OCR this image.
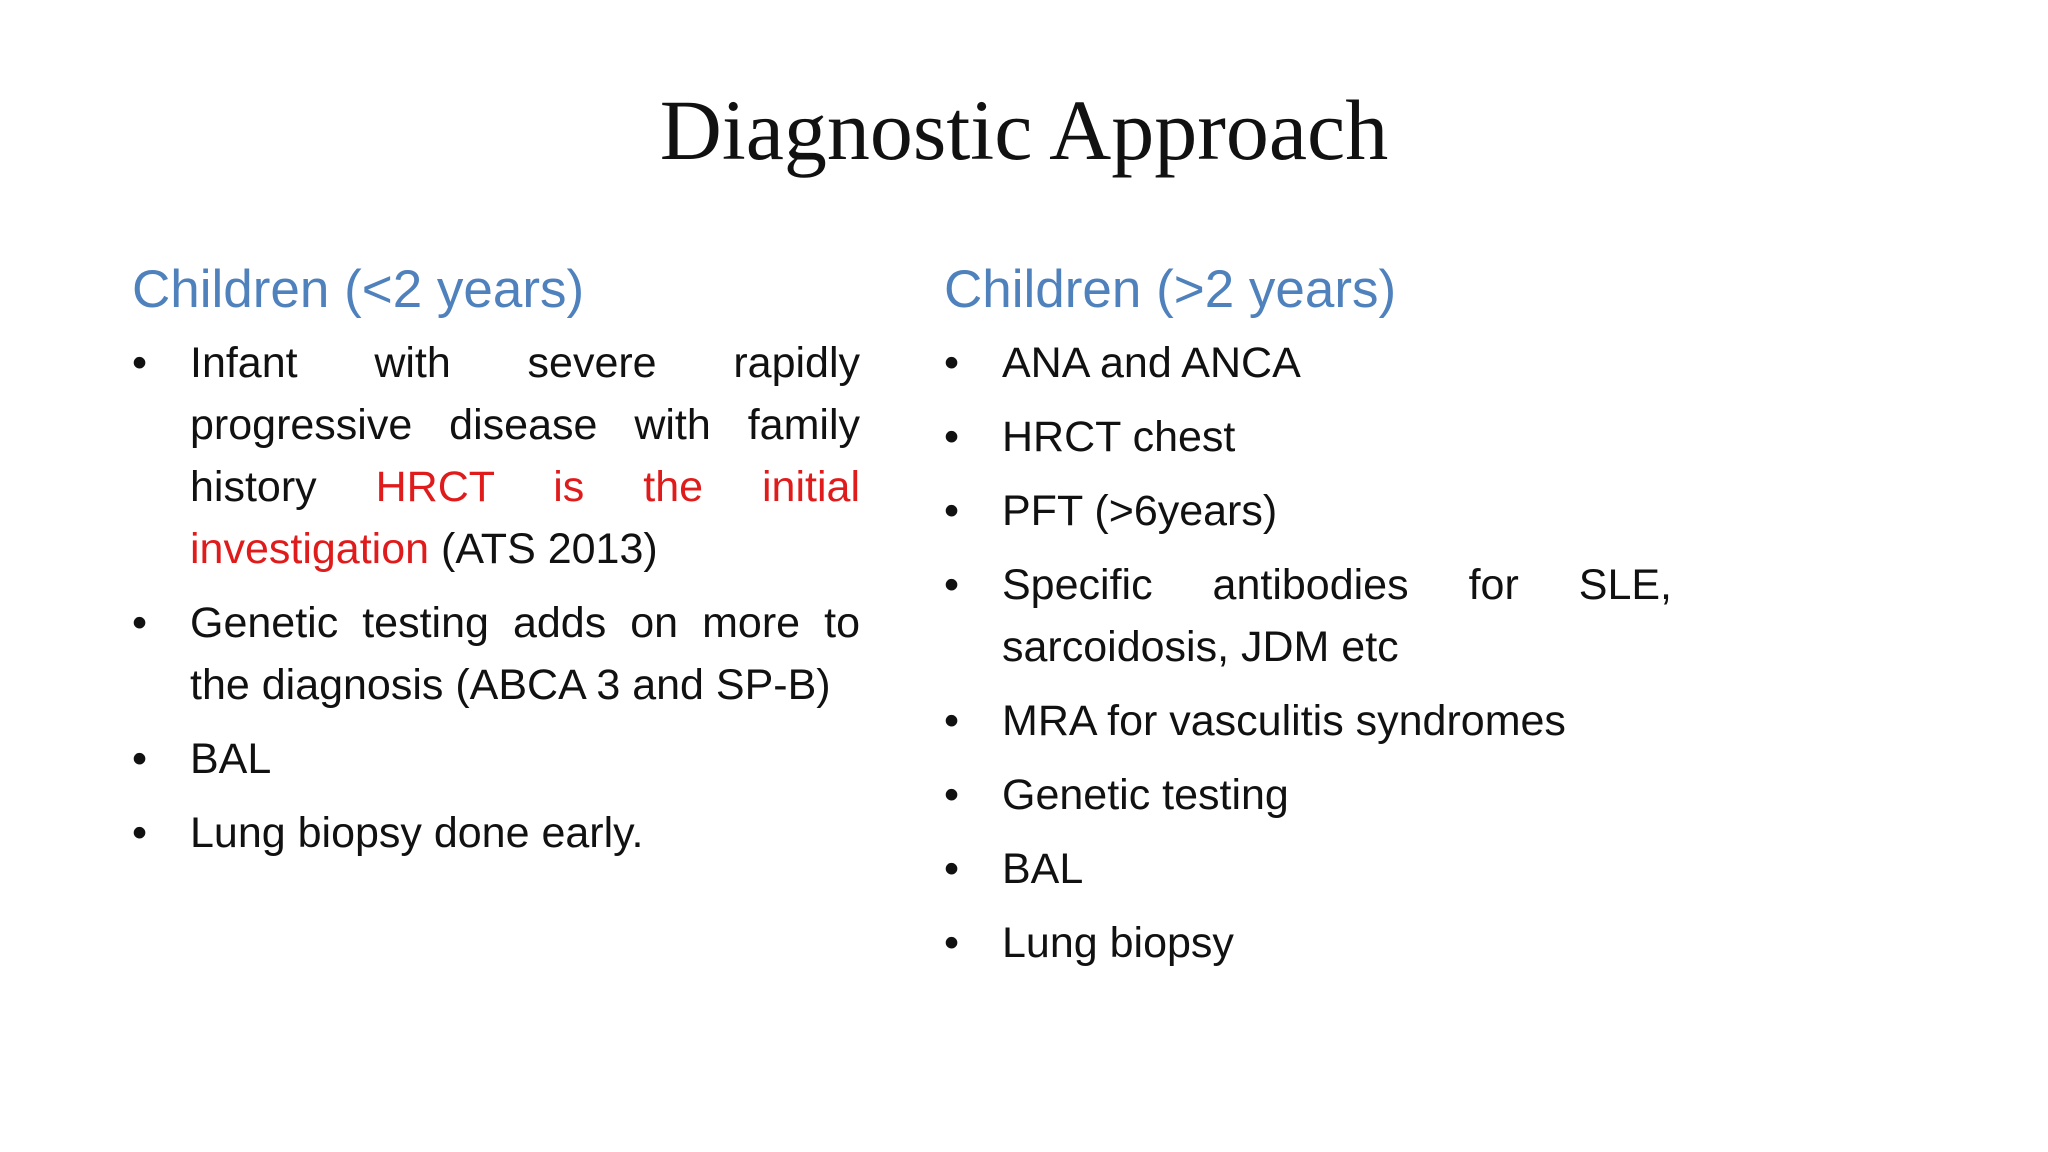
Diagnostic Approach
Children (<2 years)
• Infant with severe rapidly progressive disease with family history HRCT is the initial investigation (ATS 2013)
• Genetic testing adds on more to the diagnosis (ABCA 3 and SP-B)
• BAL
• Lung biopsy done early.
Children (>2 years)
• ANA and ANCA
• HRCT chest
• PFT (>6years)
• Specific antibodies for SLE, sarcoidosis, JDM etc
• MRA for vasculitis syndromes
• Genetic testing
• BAL
• Lung biopsy
